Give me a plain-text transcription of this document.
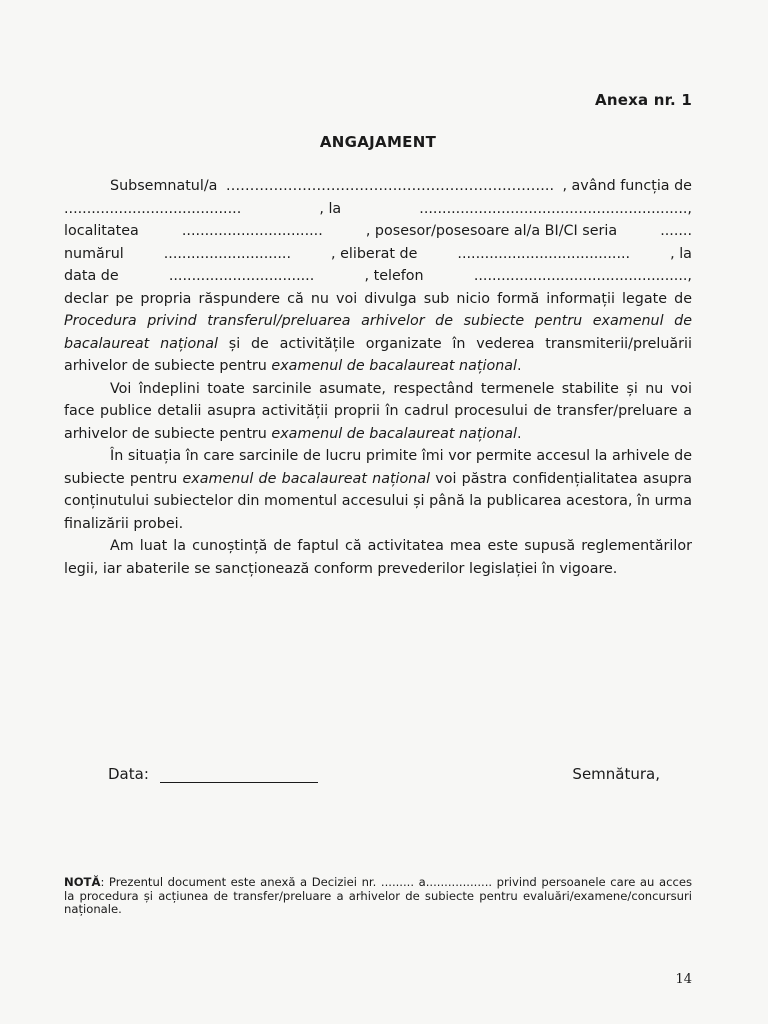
Anexa nr. 1
ANGAJAMENT
Subsemnatul/a ……………………………….………………………….. , având funcția de
.......................................	, la	...........................................................,
localitatea	...............................	, posesor/posesoare al/a BI/CI seria	.......
numărul	............................	, eliberat de	......................................	, la
data de	................................	, telefon	...............................................,

declar pe propria răspundere că nu voi divulga sub nicio formă informații legate de Procedura privind transferul/preluarea arhivelor de subiecte pentru examenul de bacalaureat național și de activitățile organizate în vederea transmiterii/preluării arhivelor de subiecte pentru examenul de bacalaureat național.

Voi îndeplini toate sarcinile asumate, respectând termenele stabilite și nu voi face publice detalii asupra activității proprii în cadrul procesului de transfer/preluare a arhivelor de subiecte pentru examenul de bacalaureat național.

În situația în care sarcinile de lucru primite îmi vor permite accesul la arhivele de subiecte pentru examenul de bacalaureat național voi păstra confidențialitatea asupra conținutului subiectelor din momentul accesului și până la publicarea acestora, în urma finalizării probei.

Am luat la cunoștință de faptul că activitatea mea este supusă reglementărilor legii, iar abaterile se sancționează conform prevederilor legislației în vigoare.

Data:	Semnătura,
NOTĂ: Prezentul document este anexă a Deciziei nr. ......... a.................. privind persoanele care au acces la procedura și acțiunea de transfer/preluare a arhivelor de subiecte pentru evaluări/examene/concursuri naționale.
14
